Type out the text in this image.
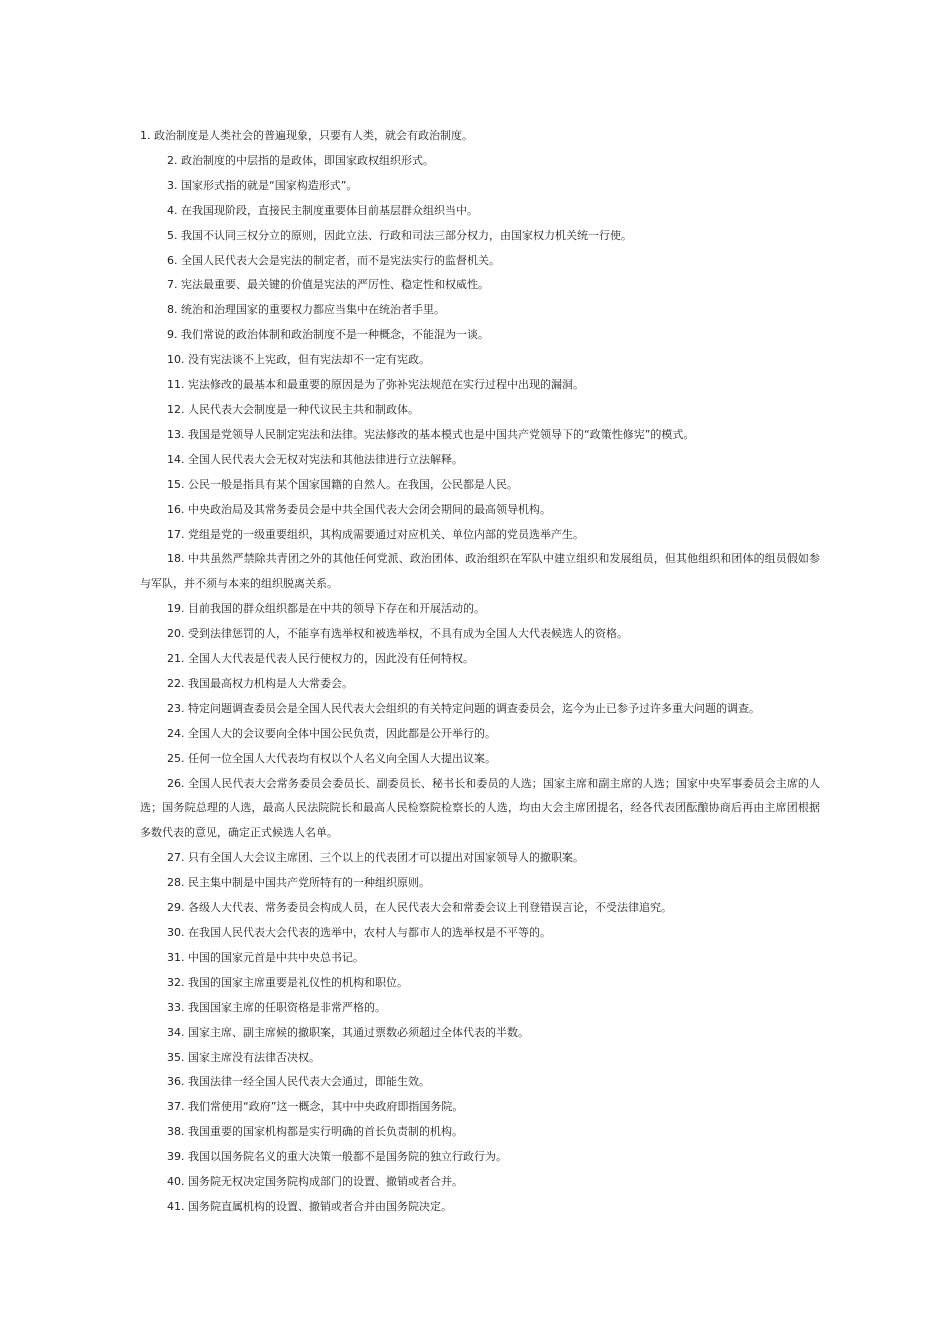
1 . 政治制度是人类社会的普遍现象，只要有人类，就会有政治制度。

2 . 政治制度的中层指的是政体，即国家政权组织形式。

3 . 国家形式指的就是“国家构造形式”。

4 . 在我国现阶段，直接民主制度重要体目前基层群众组织当中。

5 . 我国不认同三权分立的原则，因此立法、行政和司法三部分权力，由国家权力机关统一行使。

6 . 全国人民代表大会是宪法的制定者，而不是宪法实行的监督机关。

7 . 宪法最重要、最关键的价值是宪法的严厉性、稳定性和权威性。

8 . 统治和治理国家的重要权力都应当集中在统治者手里。

9 . 我们常说的政治体制和政治制度不是一种概念，不能混为一谈。

10 . 没有宪法谈不上宪政，但有宪法却不一定有宪政。

11 . 宪法修改的最基本和最重要的原因是为了弥补宪法规范在实行过程中出现的漏洞。

12 . 人民代表大会制度是一种代议民主共和制政体。

13 . 我国是党领导人民制定宪法和法律。宪法修改的基本模式也是中国共产党领导下的“政策性修宪”的模式。

14 . 全国人民代表大会无权对宪法和其他法律进行立法解释。

15 . 公民一般是指具有某个国家国籍的自然人。在我国，公民都是人民。

16 . 中央政治局及其常务委员会是中共全国代表大会闭会期间的最高领导机构。

17 . 党组是党的一级重要组织，其构成需要通过对应机关、单位内部的党员选举产生。

18 . 中共虽然严禁除共青团之外的其他任何党派、政治团体、政治组织在军队中建立组织和发展组员，但其他组织和团体的组员假如参与军队，并不须与本来的组织脱离关系。

19 . 目前我国的群众组织都是在中共的领导下存在和开展活动的。

20 . 受到法律惩罚的人，不能享有选举权和被选举权，不具有成为全国人大代表候选人的资格。

21 . 全国人大代表是代表人民行使权力的，因此没有任何特权。

22 . 我国最高权力机构是人大常委会。

23 . 特定问题调查委员会是全国人民代表大会组织的有关特定问题的调查委员会，迄今为止已参予过许多重大问题的调查。

24 . 全国人大的会议要向全体中国公民负责，因此都是公开举行的。

25 . 任何一位全国人大代表均有权以个人名义向全国人大提出议案。

26 . 全国人民代表大会常务委员会委员长、副委员长、秘书长和委员的人选；国家主席和副主席的人选；国家中央军事委员会主席的人选；国务院总理的人选，最高人民法院院长和最高人民检察院检察长的人选，均由大会主席团提名，经各代表团酝酿协商后再由主席团根据多数代表的意见，确定正式候选人名单。

27 . 只有全国人大会议主席团、三个以上的代表团才可以提出对国家领导人的撤职案。

28 . 民主集中制是中国共产党所特有的一种组织原则。

29 . 各级人大代表、常务委员会构成人员，在人民代表大会和常委会议上刊登错误言论，不受法律追究。

30 . 在我国人民代表大会代表的选举中，农村人与都市人的选举权是不平等的。

31 . 中国的国家元首是中共中央总书记。

32 . 我国的国家主席重要是礼仪性的机构和职位。

33 . 我国国家主席的任职资格是非常严格的。

34 . 国家主席、副主席候的撤职案，其通过票数必须超过全体代表的半数。

35 . 国家主席没有法律否决权。

36 . 我国法律一经全国人民代表大会通过，即能生效。

37 . 我们常使用“政府”这一概念，其中中央政府即指国务院。

38 . 我国重要的国家机构都是实行明确的首长负责制的机构。

39 . 我国以国务院名义的重大决策一般都不是国务院的独立行政行为。

40 . 国务院无权决定国务院构成部门的设置、撤销或者合并。

41 . 国务院直属机构的设置、撤销或者合并由国务院决定。
